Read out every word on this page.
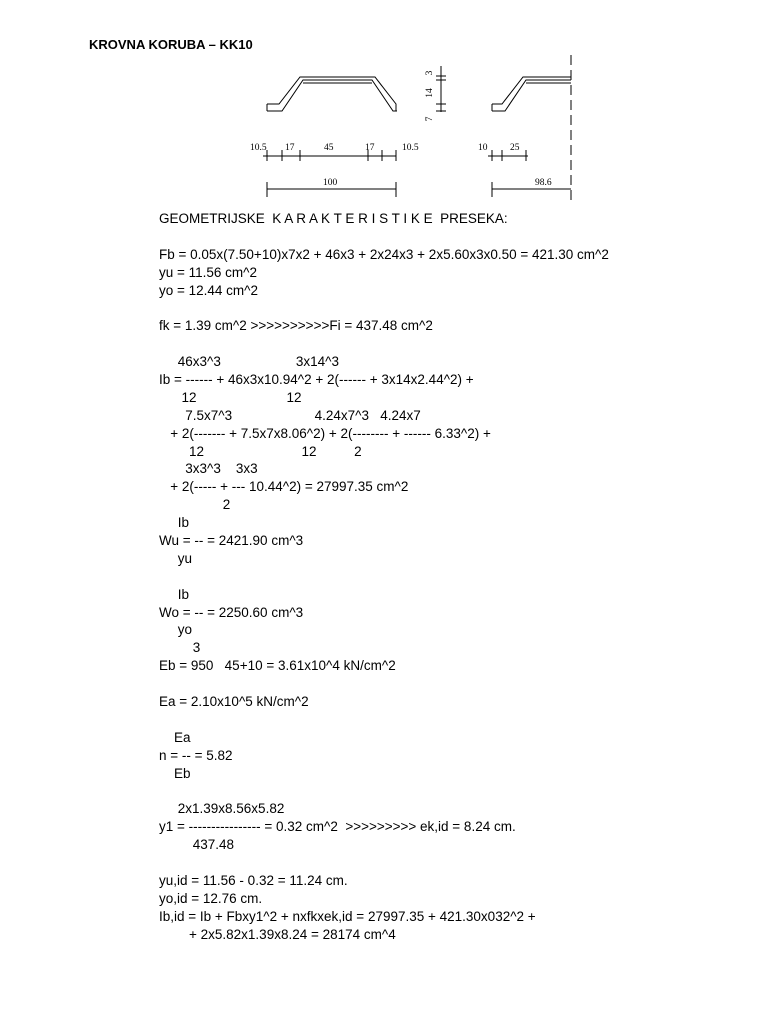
KROVNA KORUBA – KK10
3
14
7
10.5 17	45	17	10.5
100
10 25
98.6
GEOMETRIJSKE  K A R A K T E R I S T I K E  PRESEKA:
Fb = 0.05x(7.50+10)x7x2 + 46x3 + 2x24x3 + 2x5.60x3x0.50 = 421.30 cm^2
yu = 11.56 cm^2
yo = 12.44 cm^2
fk = 1.39 cm^2 >>>>>>>>>>Fi = 437.48 cm^2
46x3^3                    3x14^3
Ib = ------ + 46x3x10.94^2 + 2(------ + 3x14x2.44^2) +
12                        12
7.5x7^3                      4.24x7^3   4.24x7
+ 2(------- + 7.5x7x8.06^2) + 2(-------- + ------ 6.33^2) +
12                          12          2
3x3^3    3x3
+ 2(----- + --- 10.44^2) = 27997.35 cm^2
2
Ib
Wu = -- = 2421.90 cm^3
yu
Ib
Wo = -- = 2250.60 cm^3
yo
3
Eb = 950   45+10 = 3.61x10^4 kN/cm^2
Ea = 2.10x10^5 kN/cm^2
Ea
n = -- = 5.82
Eb
2x1.39x8.56x5.82
y1 = ---------------- = 0.32 cm^2  >>>>>>>>> ek,id = 8.24 cm.
437.48
yu,id = 11.56 - 0.32 = 11.24 cm.
yo,id = 12.76 cm.
Ib,id = Ib + Fbxy1^2 + nxfkxek,id = 27997.35 + 421.30x032^2 +
+ 2x5.82x1.39x8.24 = 28174 cm^4
